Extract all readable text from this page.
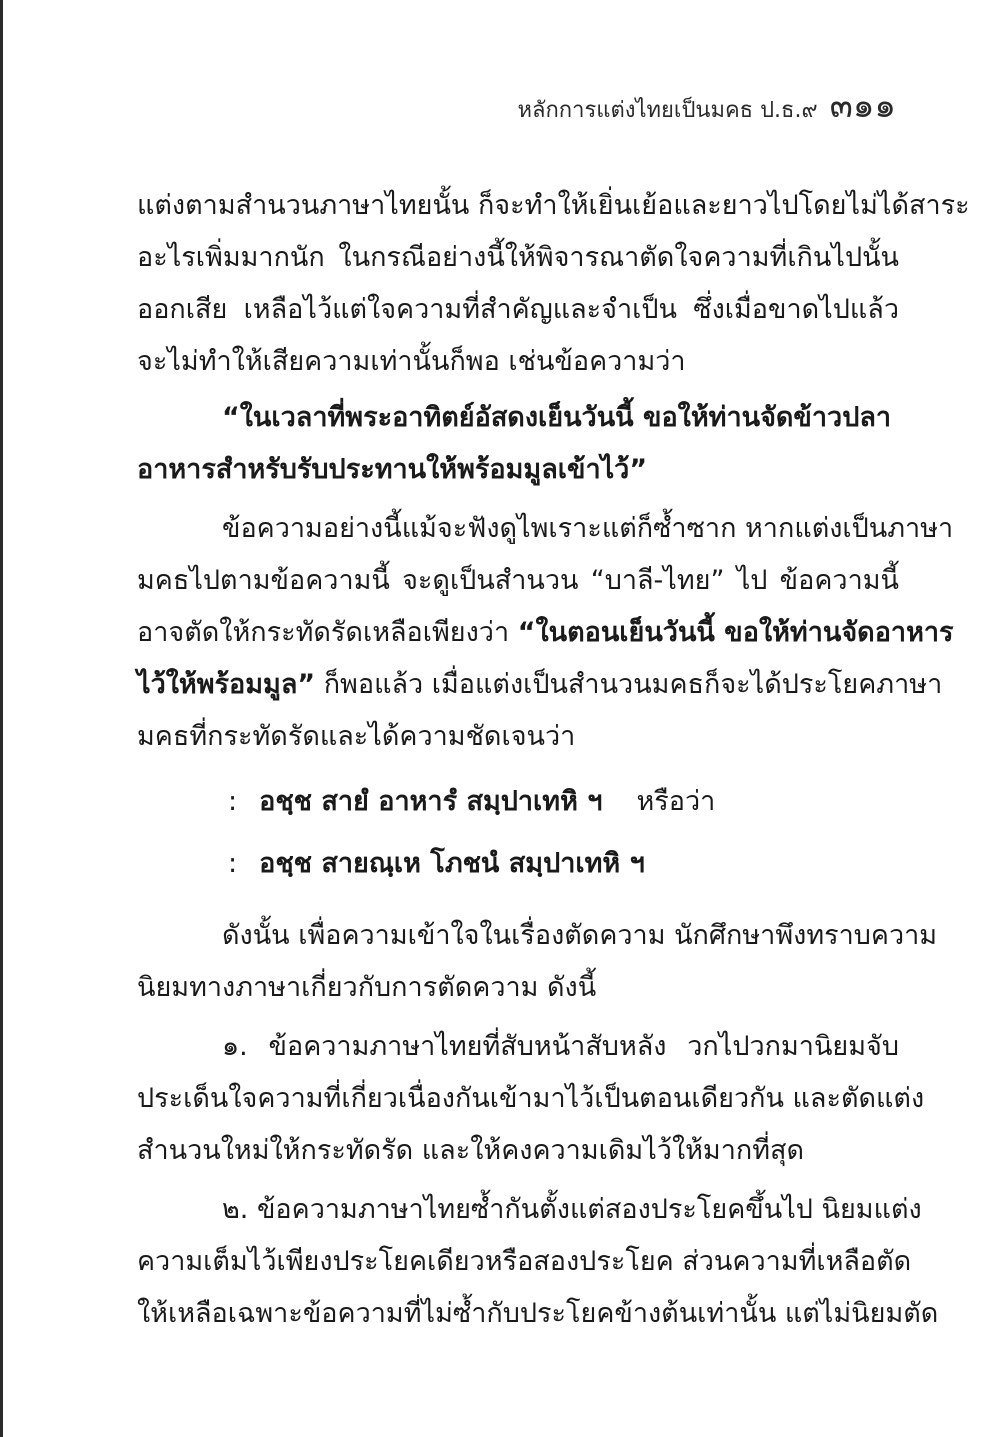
หลักการแต่งไทยเป็นมคธ ป.ธ.๙ ๓๑๑
แต่งตามสำนวนภาษาไทยนั้น ก็จะทำให้เยิ่นเย้อและยาวไปโดยไม่ได้สาระ
อะไรเพิ่มมากนัก ในกรณีอย่างนี้ให้พิจารณาตัดใจความที่เกินไปนั้น
ออกเสีย เหลือไว้แต่ใจความที่สำคัญและจำเป็น ซึ่งเมื่อขาดไปแล้ว
จะไม่ทำให้เสียความเท่านั้นก็พอ เช่นข้อความว่า
“ในเวลาที่พระอาทิตย์อัสดงเย็นวันนี้ ขอให้ท่านจัดข้าวปลา
อาหารสำหรับรับประทานให้พร้อมมูลเข้าไว้”
ข้อความอย่างนี้แม้จะฟังดูไพเราะแต่ก็ซ้ำซาก หากแต่งเป็นภาษา
มคธไปตามข้อความนี้ จะดูเป็นสำนวน “บาลี-ไทย” ไป ข้อความนี้
อาจตัดให้กระทัดรัดเหลือเพียงว่า “ในตอนเย็นวันนี้ ขอให้ท่านจัดอาหาร
ไว้ให้พร้อมมูล” ก็พอแล้ว เมื่อแต่งเป็นสำนวนมคธก็จะได้ประโยคภาษา
มคธที่กระทัดรัดและได้ความชัดเจนว่า
: อชฺช สายํ อาหารํ สมฺปาเทหิ ฯ หรือว่า
: อชฺช สายณฺเห โภชนํ สมฺปาเทหิ ฯ
ดังนั้น เพื่อความเข้าใจในเรื่องตัดความ นักศึกษาพึงทราบความ
นิยมทางภาษาเกี่ยวกับการตัดความ ดังนี้
๑. ข้อความภาษาไทยที่สับหน้าสับหลัง วกไปวกมานิยมจับ
ประเด็นใจความที่เกี่ยวเนื่องกันเข้ามาไว้เป็นตอนเดียวกัน และตัดแต่ง
สำนวนใหม่ให้กระทัดรัด และให้คงความเดิมไว้ให้มากที่สุด
๒. ข้อความภาษาไทยซ้ำกันตั้งแต่สองประโยคขึ้นไป นิยมแต่ง
ความเต็มไว้เพียงประโยคเดียวหรือสองประโยค ส่วนความที่เหลือตัด
ให้เหลือเฉพาะข้อความที่ไม่ซ้ำกับประโยคข้างต้นเท่านั้น แต่ไม่นิยมตัด
